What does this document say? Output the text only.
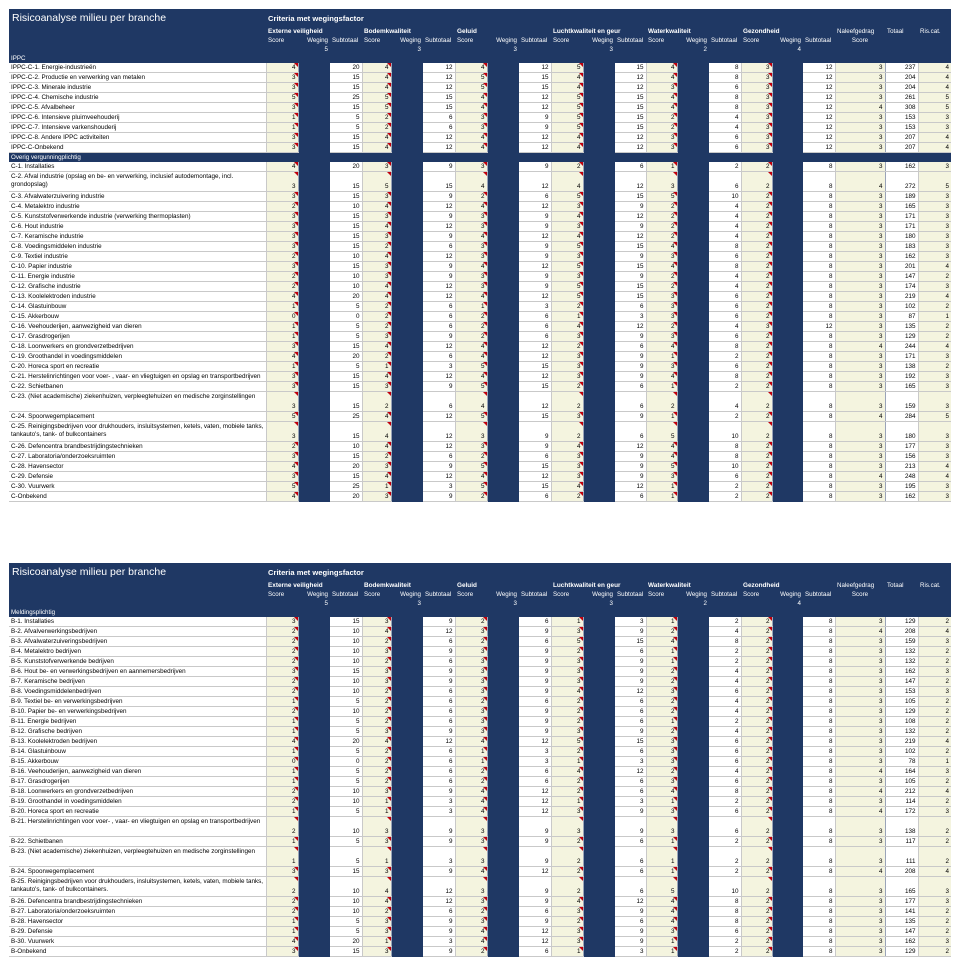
Risicoanalyse milieu per branche	Criteria met wegingsfactor																				
	Externe veiligheid			Bodemkwaliteit			Geluid			Luchtkwaliteit en geur			Waterkwaliteit			Gezondheid			Naleefgedrag	Totaal	Ris.cat.
	Score	Weging	Subtotaal	Score	Weging	Subtotaal	Score	Weging	Subtotaal	Score	Weging	Subtotaal	Score	Weging	Subtotaal	Score	Weging	Subtotaal	Score		
		5			3			3			3			2			4				
IPPC																					
IPPC-C-1. Energie-industrieën	4		20	4		12	4		12	5		15	4		8	3		12	3	237	4
IPPC-C-2. Productie en verwerking van metalen	3		15	4		12	5		15	4		12	4		8	3		12	3	204	4
IPPC-C-3. Minerale industrie	3		15	4		12	5		15	4		12	3		6	3		12	3	204	4
IPPC-C-4. Chemische industrie	5		25	5		15	4		12	5		15	4		8	3		12	3	261	5
IPPC-C-5. Afvalbeheer	3		15	5		15	4		12	5		15	4		8	3		12	4	308	5
IPPC-C-6. Intensieve pluimveehouderij	1		5	2		6	3		9	5		15	2		4	3		12	3	153	3
IPPC-C-7. Intensieve varkenshouderij	1		5	2		6	3		9	5		15	2		4	3		12	3	153	3
IPPC-C-8. Andere IPPC activiteiten	3		15	4		12	4		12	4		12	3		6	3		12	3	207	4
IPPC-C-Onbekend	3		15	4		12	4		12	4		12	3		6	3		12	3	207	4
Overig vergunningplichtig																					
C-1. Installaties	4		20	3		9	3		9	2		6	1		2	2		8	3	162	3
C-2. Afval industrie (opslag en be- en verwerking, inclusief autodemontage, incl. grondopslag)	3		15	5		15	4		12	4		12	3		6	2		8	4	272	5
C-3. Afvalwaterzuivering industrie	3		15	3		9	2		6	5		15	5		10	2		8	3	189	3
C-4. Metalektro industrie	2		10	4		12	4		12	3		9	2		4	2		8	3	165	3
C-5. Kunststofverwerkende industrie (verwerking thermoplasten)	3		15	3		9	3		9	4		12	2		4	2		8	3	171	3
C-6. Hout industrie	3		15	4		12	3		9	3		9	2		4	2		8	3	171	3
C-7. Keramische industrie	3		15	3		9	4		12	4		12	2		4	2		8	3	180	3
C-8. Voedingsmiddelen industrie	3		15	2		6	3		9	5		15	4		8	2		8	3	183	3
C-9. Textiel industrie	2		10	4		12	3		9	3		9	3		6	2		8	3	162	3
C-10. Papier industrie	3		15	3		9	4		12	5		15	4		8	2		8	3	201	4
C-11. Energie industrie	2		10	3		9	3		9	3		9	2		4	2		8	3	147	2
C-12. Grafische industrie	2		10	4		12	3		9	5		15	2		4	2		8	3	174	3
C-13. Koolelektroden industrie	4		20	4		12	4		12	5		15	3		6	2		8	3	219	4
C-14. Glastuinbouw	1		5	2		6	1		3	2		6	3		6	2		8	3	102	2
C-15. Akkerbouw	0		0	2		6	2		6	1		3	3		6	2		8	3	87	1
C-16. Veehouderijen, aanwezigheid van dieren	1		5	2		6	2		6	4		12	2		4	3		12	3	135	2
C-17. Grasdrogerijen	1		5	3		9	2		6	3		9	3		6	2		8	3	129	2
C-18. Loonwerkers en grondverzetbedrijven	3		15	4		12	4		12	2		6	4		8	2		8	4	244	4
C-19. Groothandel in voedingsmiddelen	4		20	2		6	4		12	3		9	1		2	2		8	3	171	3
C-20. Horeca sport en recreatie	1		5	1		3	5		15	3		9	3		6	2		8	3	138	2
C-21. Herstelinrichtingen voor voer- , vaar- en vliegtuigen en opslag en transportbedrijven	3		15	4		12	4		12	3		9	4		8	2		8	3	192	3
C-22. Schietbanen	3		15	3		9	5		15	2		6	1		2	2		8	3	165	3
C-23. (Niet academische) ziekenhuizen, verpleegtehuizen en medische zorginstellingen	3		15	2		6	4		12	2		6	2		4	2		8	3	159	3
C-24. Spoorwegemplacement	5		25	4		12	5		15	3		9	1		2	2		8	4	284	5
C-25. Reinigingsbedrijven voor drukhouders, insluitsystemen, ketels, vaten, mobiele tanks, tankauto's, tank- of bulkcontainers	3		15	4		12	3		9	2		6	5		10	2		8	3	180	3
C-26. Defencentra brandbestrijdingstechnieken	2		10	4		12	3		9	4		12	4		8	2		8	3	177	3
C-27. Laboratoria/onderzoeksruimten	3		15	2		6	2		6	3		9	4		8	2		8	3	156	3
C-28. Havensector	4		20	3		9	5		15	3		9	5		10	2		8	3	213	4
C-29. Defensie	3		15	4		12	4		12	3		9	3		6	2		8	4	248	4
C-30. Vuurwerk	5		25	1		3	5		15	4		12	1		2	2		8	3	195	3
C-Onbekend	4		20	3		9	2		6	2		6	1		2	2		8	3	162	3
Risicoanalyse milieu per branche	Criteria met wegingsfactor																				
	Externe veiligheid			Bodemkwaliteit			Geluid			Luchtkwaliteit en geur			Waterkwaliteit			Gezondheid			Naleefgedrag	Totaal	Ris.cat.
	Score	Weging	Subtotaal	Score	Weging	Subtotaal	Score	Weging	Subtotaal	Score	Weging	Subtotaal	Score	Weging	Subtotaal	Score	Weging	Subtotaal	Score		
		5			3			3			3			2			4				
Meldingsplichtig																					
B-1. Installaties	3		15	3		9	2		6	1		3	1		2	2		8	3	129	2
B-2. Afvalverwerkingsbedrijven	2		10	4		12	3		9	3		9	2		4	2		8	4	208	4
B-3. Afvalwaterzuiveringsbedrijven	2		10	2		6	2		6	5		15	4		8	2		8	3	159	3
B-4. Metalektro bedrijven	2		10	3		9	3		9	2		6	1		2	2		8	3	132	2
B-5. Kunststofverwerkende bedrijven	2		10	2		6	3		9	3		9	1		2	2		8	3	132	2
B-6. Hout be- en verwerkingsbedrijven en aannemersbedrijven	3		15	3		9	3		9	3		9	2		4	2		8	3	162	3
B-7. Keramische bedrijven	2		10	3		9	3		9	3		9	2		4	2		8	3	147	2
B-8. Voedingsmiddelenbedrijven	2		10	2		6	3		9	4		12	3		6	2		8	3	153	3
B-9. Textiel be- en verwerkingsbedrijven	1		5	2		6	2		6	2		6	2		4	2		8	3	105	2
B-10. Papier be- en verwerkingsbedrijven	2		10	2		6	3		9	2		6	2		4	2		8	3	129	2
B-11. Energie bedrijven	1		5	2		6	3		9	2		6	1		2	2		8	3	108	2
B-12. Grafische bedrijven	1		5	3		9	3		9	3		9	2		4	2		8	3	132	2
B-13. Koolelektroden bedrijven	4		20	4		12	4		12	5		15	3		6	2		8	3	219	4
B-14. Glastuinbouw	1		5	2		6	1		3	2		6	3		6	2		8	3	102	2
B-15. Akkerbouw	0		0	2		6	1		3	1		3	3		6	2		8	3	78	1
B-16. Veehouderijen, aanwezigheid van dieren	1		5	2		6	2		6	4		12	2		4	2		8	4	164	3
B-17. Grasdrogerijen	1		5	2		6	2		6	2		6	3		6	2		8	3	105	2
B-18. Loonwerkers en grondverzetbedrijven	2		10	3		9	4		12	2		6	4		8	2		8	4	212	4
B-19. Groothandel in voedingsmiddelen	2		10	1		3	4		12	1		3	1		2	2		8	3	114	2
B-20. Horeca sport en recreatie	1		5	1		3	4		12	3		9	3		6	2		8	4	172	3
B-21. Herstelinrichtingen voor voer- , vaar- en vliegtuigen en opslag en transportbedrijven	2		10	3		9	3		9	3		9	3		6	2		8	3	138	2
B-22. Schietbanen	1		5	3		9	3		9	2		6	1		2	2		8	3	117	2
B-23. (Niet academische) ziekenhuizen, verpleegtehuizen en medische zorginstellingen	1		5	1		3	3		9	2		6	1		2	2		8	3	111	2
B-24. Spoorwegemplacement	3		15	3		9	4		12	2		6	1		2	2		8	4	208	4
B-25. Reinigingsbedrijven voor drukhouders, insluitsystemen, ketels, vaten, mobiele tanks, tankauto's, tank- of bulkcontainers.	2		10	4		12	3		9	2		6	5		10	2		8	3	165	3
B-26. Defencentra brandbestrijdingstechnieken	2		10	4		12	3		9	4		12	4		8	2		8	3	177	3
B-27. Laboratoria/onderzoeksruimten	2		10	2		6	2		6	3		9	4		8	2		8	3	141	2
B-28. Havensector	1		5	3		9	3		9	2		6	4		8	2		8	3	135	2
B-29. Defensie	1		5	3		9	4		12	3		9	3		6	2		8	3	147	2
B-30. Vuurwerk	4		20	1		3	4		12	3		9	1		2	2		8	3	162	3
B-Onbekend	3		15	3		9	2		6	1		3	1		2	2		8	3	129	2
